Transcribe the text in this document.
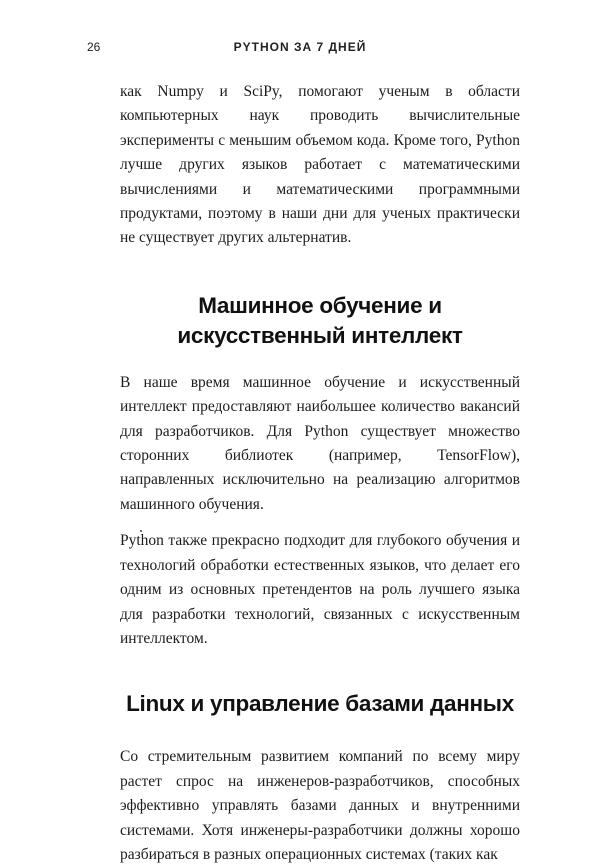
26	PYTHON ЗА 7 ДНЕЙ

как Numpy и SciPy, помогают ученым в области компьютерных наук проводить вычислительные эксперименты с меньшим объемом кода. Кроме того, Python лучше других языков работает с математическими вычислениями и математическими программными продуктами, поэтому в наши дни для ученых практически не существует других альтернатив.

Машинное обучение и искусственный интеллект

В наше время машинное обучение и искусственный интеллект предоставляют наибольшее количество вакансий для разработчиков. Для Python существует множество сторонних библиотек (например, TensorFlow), направленных исключительно на реализацию алгоритмов машинного обучения.

Python также прекрасно подходит для глубокого обучения и технологий обработки естественных языков, что делает его одним из основных претендентов на роль лучшего языка для разработки технологий, связанных с искусственным интеллектом.

Linux и управление базами данных

Со стремительным развитием компаний по всему миру растет спрос на инженеров-разработчиков, способных эффективно управлять базами данных и внутренними системами. Хотя инженеры-разработчики должны хорошо разбираться в разных операционных системах (таких как
